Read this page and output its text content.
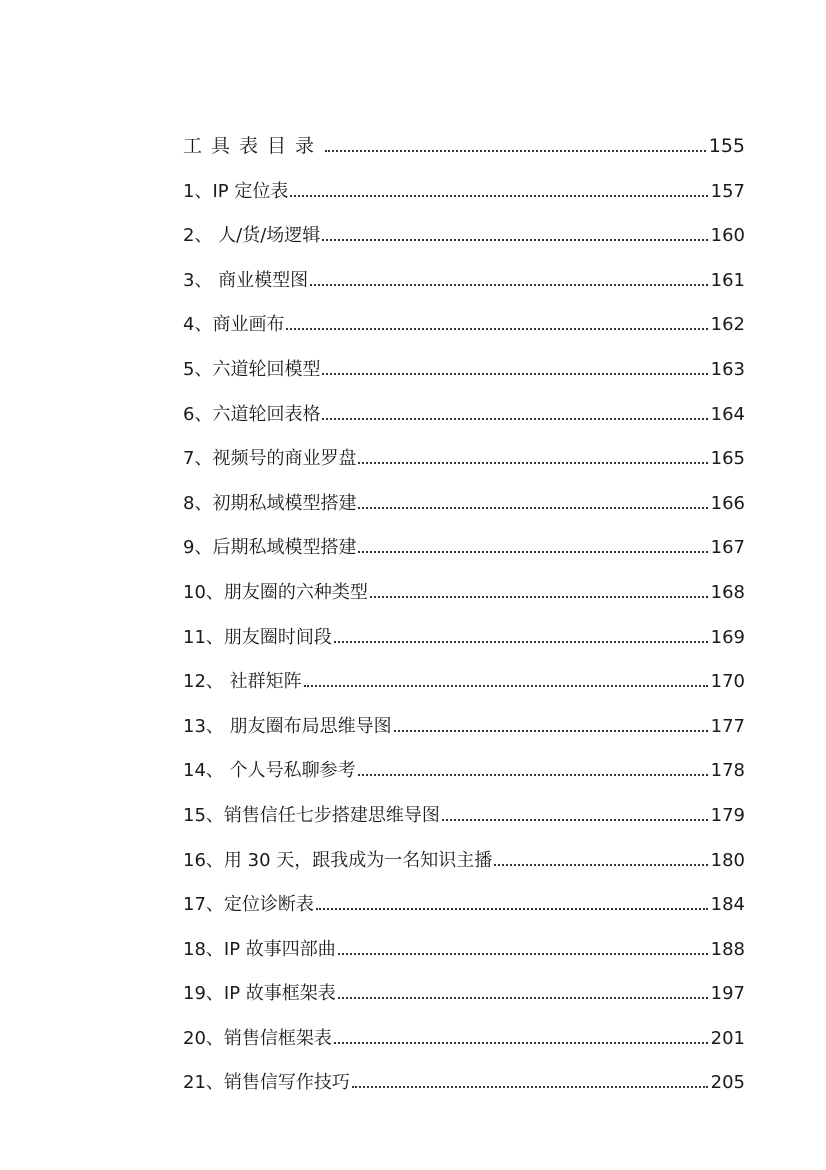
工具表目录	155
1、IP 定位表	157
2、 人/货/场逻辑	160
3、 商业模型图	161
4、商业画布	162
5、六道轮回模型	163
6、六道轮回表格	164
7、视频号的商业罗盘	165
8、初期私域模型搭建	166
9、后期私域模型搭建	167
10、朋友圈的六种类型	168
11、朋友圈时间段	169
12、 社群矩阵	170
13、 朋友圈布局思维导图	177
14、 个人号私聊参考	178
15、销售信任七步搭建思维导图	179
16、用 30 天，跟我成为一名知识主播	180
17、定位诊断表	184
18、IP 故事四部曲	188
19、IP 故事框架表	197
20、销售信框架表	201
21、销售信写作技巧	205
